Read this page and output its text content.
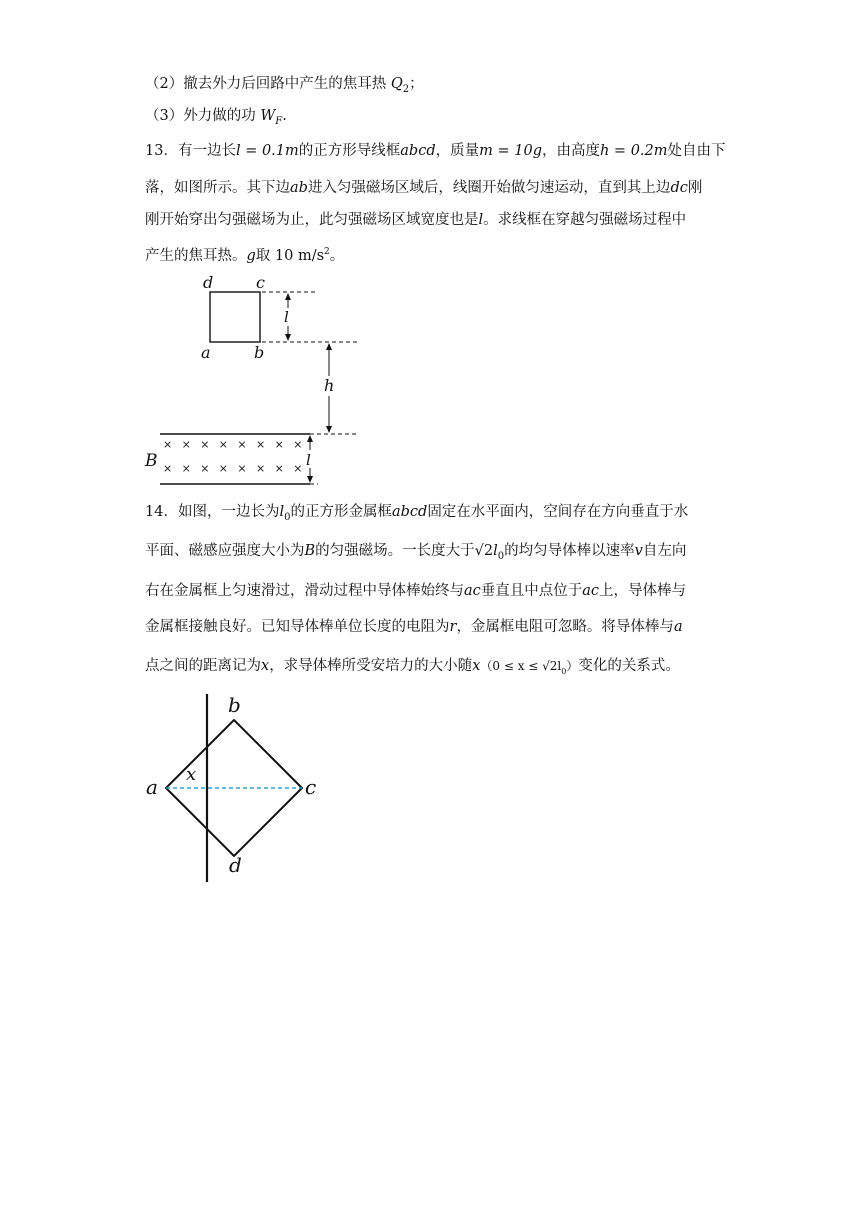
（2）撤去外力后回路中产生的焦耳热 $Q_2$；
（3）外力做的功 $W_F$.
13．有一边长l = 0.1m的正方形导线框abcd，质量m = 10g，由高度h = 0.2m处自由下
落，如图所示。其下边ab进入匀强磁场区域后，线圈开始做匀速运动，直到其上边dc刚
刚开始穿出匀强磁场为止，此匀强磁场区域宽度也是l。求线框在穿越匀强磁场过程中
产生的焦耳热。g取 10 $m/s^2$。
d	c
a	b
l
h
B
× × × × × × × ×
× × × × × × × × l
a
b
c
d
x
14．如图，一边长为$l_0$的正方形金属框abcd固定在水平面内，空间存在方向垂直于水
平面、磁感应强度大小为B的匀强磁场。一长度大于$√2l_0$的均匀导体棒以速率v自左向
右在金属框上匀速滑过，滑动过程中导体棒始终与ac垂直且中点位于ac上，导体棒与
金属框接触良好。已知导体棒单位长度的电阻为r，金属框电阻可忽略。将导体棒与a
点之间的距离记为x，求导体棒所受安培力的大小随$x(0 \le x \le √2l_0)$变化的关系式。
